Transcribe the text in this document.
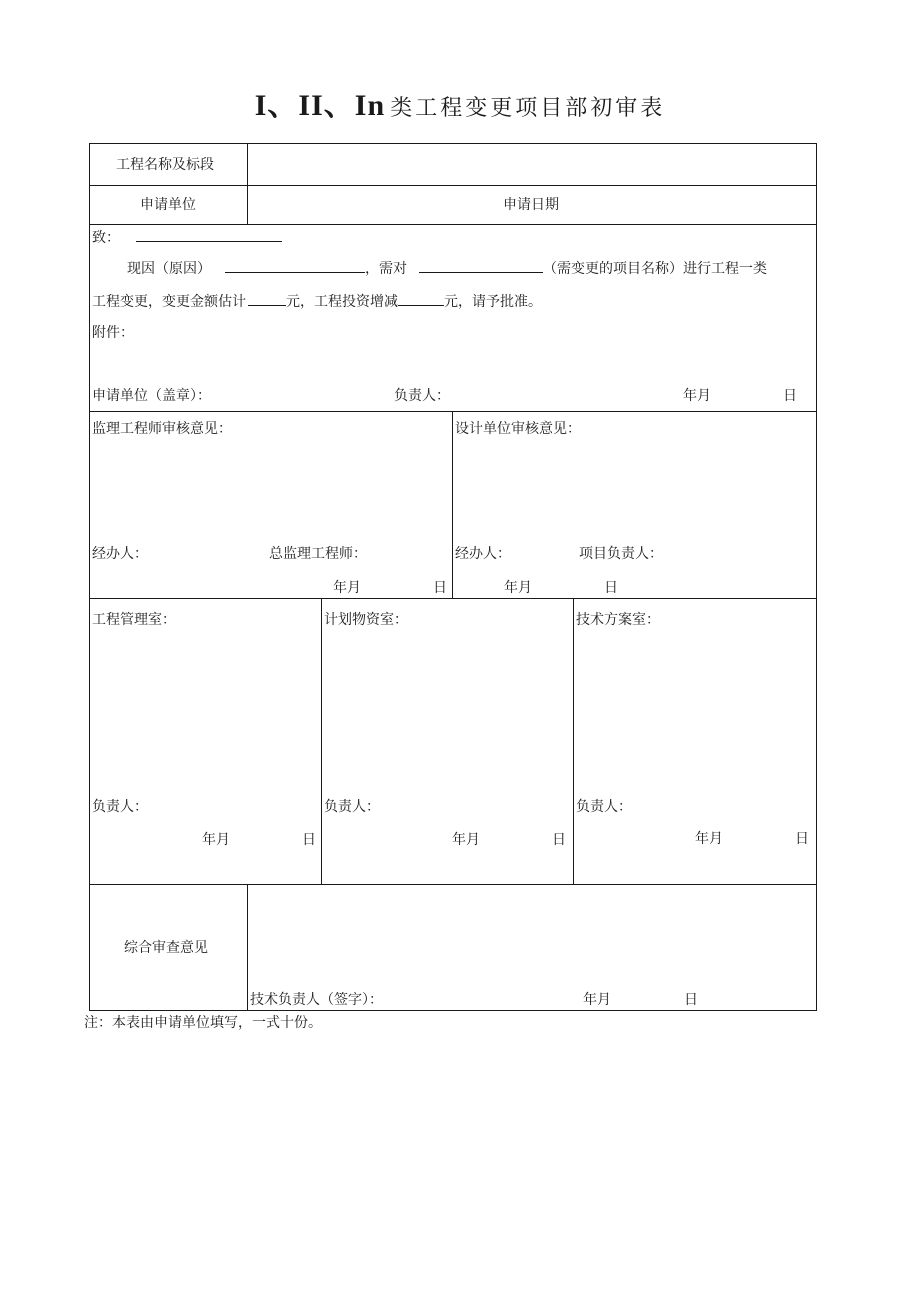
I、II、In 类工程变更项目部初审表
工程名称及标段
申请单位	申请日期
致：
现因（原因）	，需对	（需变更的项目名称）进行工程一类
工程变更，变更金额估计	元，工程投资增减	元，请予批准。
附件：
申请单位（盖章）：	负责人：	年月	日
监理工程师审核意见：
经办人：	总监理工程师：
年月	日
设计单位审核意见：
经办人：	项目负责人：
年月	日
工程管理室：
负责人：
年月	日
计划物资室：
负责人：
年月	日
技术方案室：
负责人：
年月	日
综合审查意见
技术负责人（签字）：	年月	日
注：本表由申请单位填写，一式十份。
